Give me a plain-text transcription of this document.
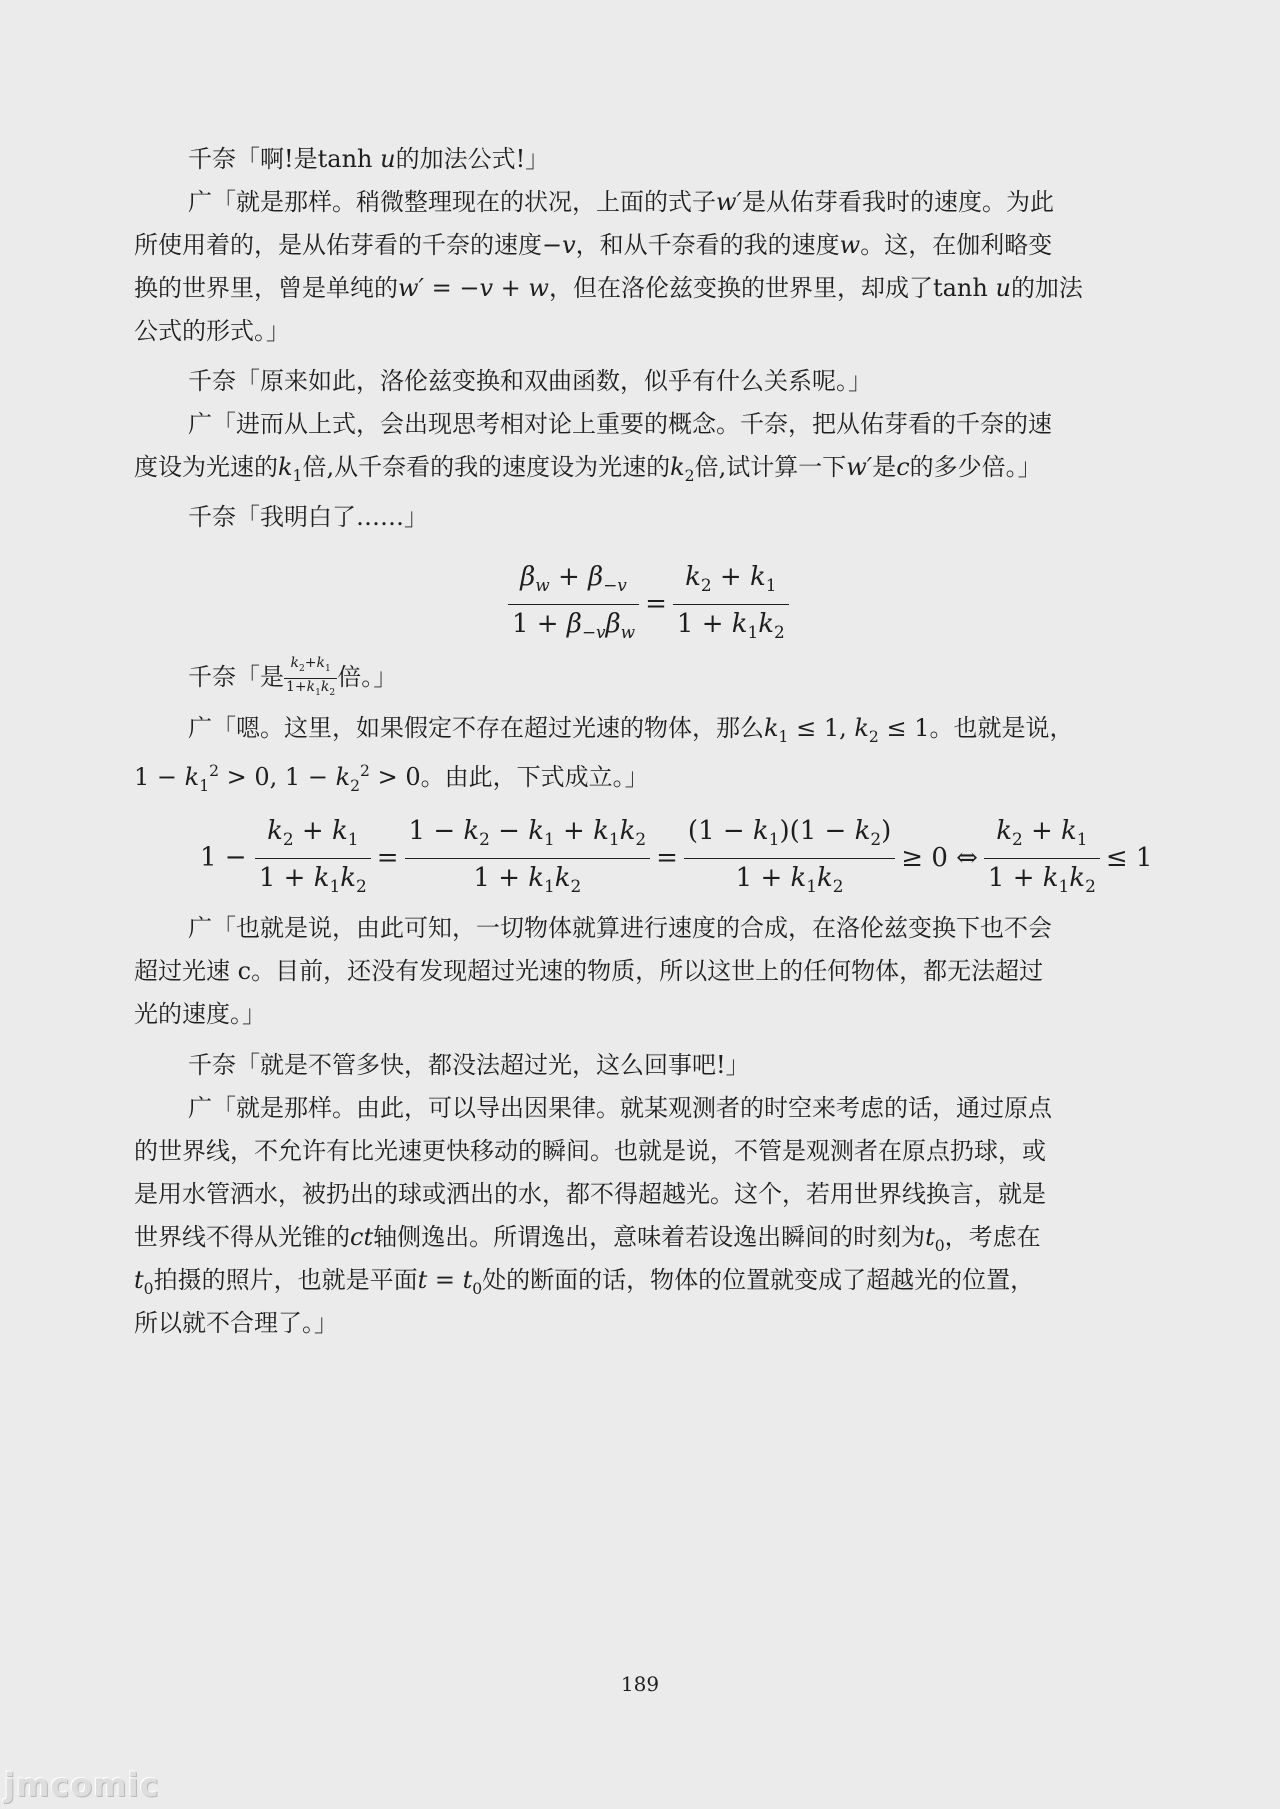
千奈「啊!是tanh u的加法公式!」
广「就是那样。稍微整理现在的状况，上面的式子w′是从佑芽看我时的速度。为此
所使用着的，是从佑芽看的千奈的速度−v，和从千奈看的我的速度w。这，在伽利略变
换的世界里，曾是单纯的w′ = −v + w，但在洛伦兹变换的世界里，却成了tanh u的加法
公式的形式。」
千奈「原来如此，洛伦兹变换和双曲函数，似乎有什么关系呢。」
广「进而从上式，会出现思考相对论上重要的概念。千奈，把从佑芽看的千奈的速
度设为光速的$k_1$倍,从千奈看的我的速度设为光速的$k_2$倍,试计算一下w′是c的多少倍。」
千奈「我明白了……」
$\frac{\beta_w + \beta_{-v}}{1 + \beta_{-v}\beta_w} = \frac{k_2 + k_1}{1 + k_1k_2}$
千奈「是 $\frac{k_2+k_1}{1+k_1k_2}$ 倍。」
广「嗯。这里，如果假定不存在超过光速的物体，那么$k_1 \le 1$, $k_2 \le 1$。也就是说，
$1 - k_1^2 > 0$, $1 - k_2^2 > 0$。由此，下式成立。」
$1 - \frac{k_2 + k_1}{1 + k_1k_2} = \frac{1 - k_2 - k_1 + k_1k_2}{1 + k_1k_2} = \frac{(1 - k_1)(1 - k_2)}{1 + k_1k_2} \ge 0$ ⇔ $\frac{k_2 + k_1}{1 + k_1k_2} \le 1$
广「也就是说，由此可知，一切物体就算进行速度的合成，在洛伦兹变换下也不会
超过光速 c。目前，还没有发现超过光速的物质，所以这世上的任何物体，都无法超过
光的速度。」
千奈「就是不管多快，都没法超过光，这么回事吧!」
广「就是那样。由此，可以导出因果律。就某观测者的时空来考虑的话，通过原点
的世界线，不允许有比光速更快移动的瞬间。也就是说，不管是观测者在原点扔球，或
是用水管洒水，被扔出的球或洒出的水，都不得超越光。这个，若用世界线换言，就是
世界线不得从光锥的ct轴侧逸出。所谓逸出，意味着若设逸出瞬间的时刻为$t_0$，考虑在
$t_0$拍摄的照片，也就是平面$t = t_0$处的断面的话，物体的位置就变成了超越光的位置，
所以就不合理了。」
189
jmcomic
